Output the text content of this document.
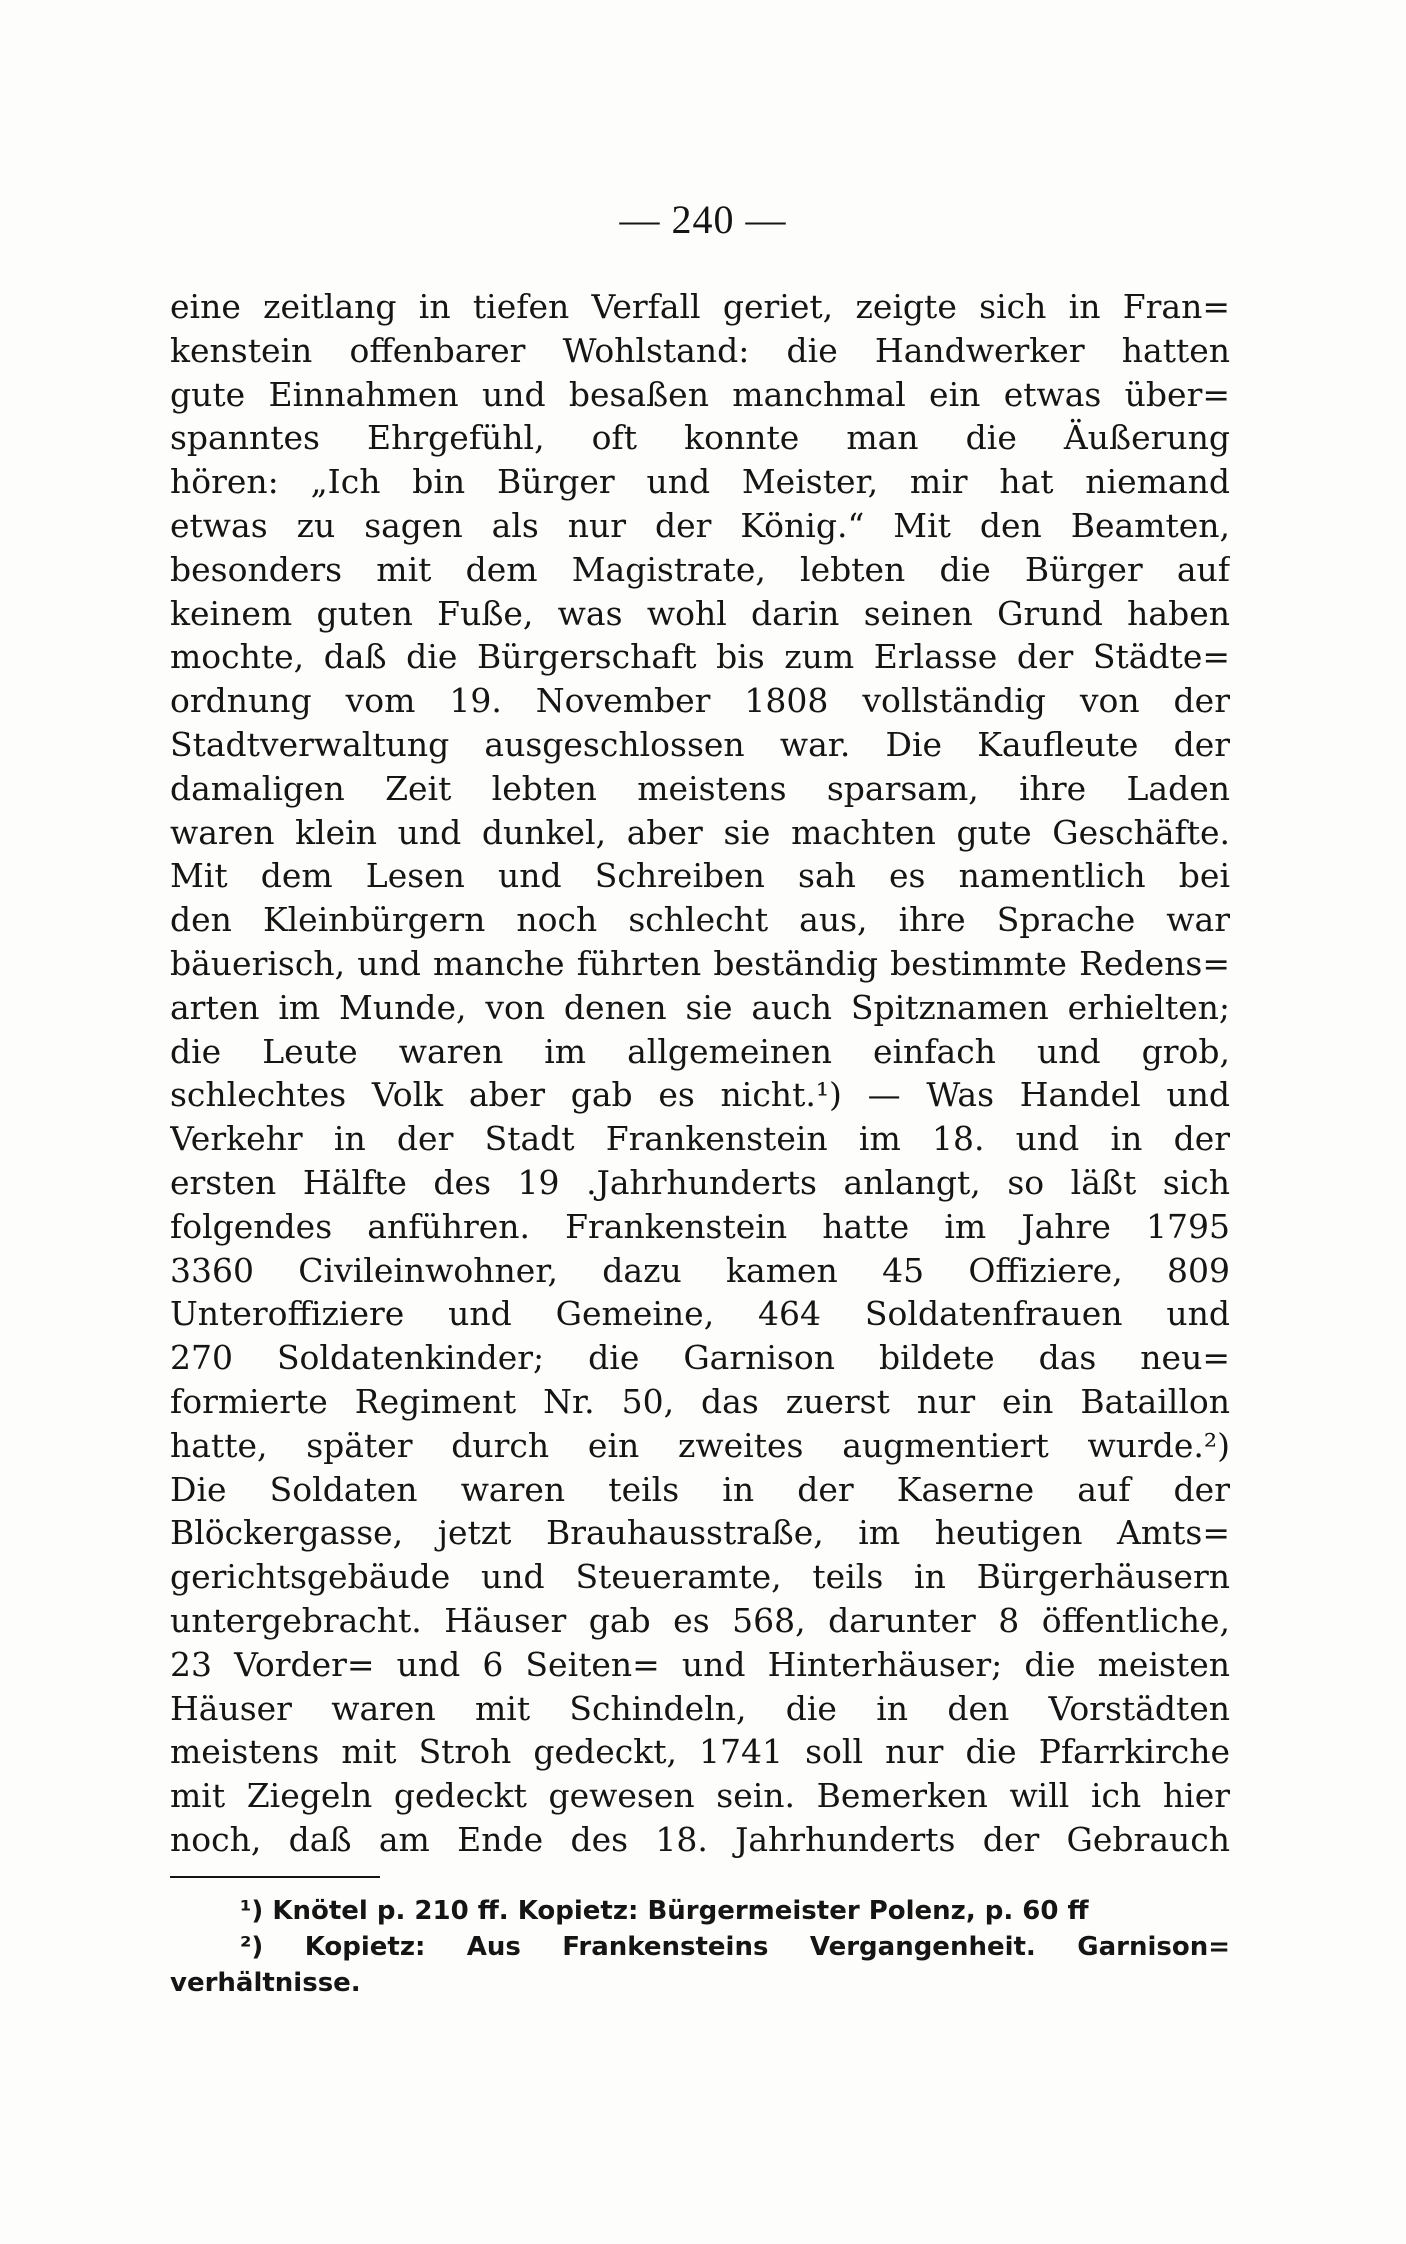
— 240 —
eine zeitlang in tiefen Verfall geriet, zeigte sich in Fran=
kenstein offenbarer Wohlstand: die Handwerker hatten
gute Einnahmen und besaßen manchmal ein etwas über=
spanntes Ehrgefühl, oft konnte man die Äußerung
hören: „Ich bin Bürger und Meister, mir hat niemand
etwas zu sagen als nur der König.“ Mit den Beamten,
besonders mit dem Magistrate, lebten die Bürger auf
keinem guten Fuße, was wohl darin seinen Grund haben
mochte, daß die Bürgerschaft bis zum Erlasse der Städte=
ordnung vom 19. November 1808 vollständig von der
Stadtverwaltung ausgeschlossen war. Die Kaufleute der
damaligen Zeit lebten meistens sparsam, ihre Laden
waren klein und dunkel, aber sie machten gute Geschäfte.
Mit dem Lesen und Schreiben sah es namentlich bei
den Kleinbürgern noch schlecht aus, ihre Sprache war
bäuerisch, und manche führten beständig bestimmte Redens=
arten im Munde, von denen sie auch Spitznamen erhielten;
die Leute waren im allgemeinen einfach und grob,
schlechtes Volk aber gab es nicht.¹) — Was Handel und
Verkehr in der Stadt Frankenstein im 18. und in der
ersten Hälfte des 19 .Jahrhunderts anlangt, so läßt sich
folgendes anführen. Frankenstein hatte im Jahre 1795
3360 Civileinwohner, dazu kamen 45 Offiziere, 809
Unteroffiziere und Gemeine, 464 Soldatenfrauen und
270 Soldatenkinder; die Garnison bildete das neu=
formierte Regiment Nr. 50, das zuerst nur ein Bataillon
hatte, später durch ein zweites augmentiert wurde.²)
Die Soldaten waren teils in der Kaserne auf der
Blöckergasse, jetzt Brauhausstraße, im heutigen Amts=
gerichtsgebäude und Steueramte, teils in Bürgerhäusern
untergebracht. Häuser gab es 568, darunter 8 öffentliche,
23 Vorder= und 6 Seiten= und Hinterhäuser; die meisten
Häuser waren mit Schindeln, die in den Vorstädten
meistens mit Stroh gedeckt, 1741 soll nur die Pfarrkirche
mit Ziegeln gedeckt gewesen sein. Bemerken will ich hier
noch, daß am Ende des 18. Jahrhunderts der Gebrauch
¹) Knötel p. 210 ff. Kopietz: Bürgermeister Polenz, p. 60 ff
²) Kopietz: Aus Frankensteins Vergangenheit. Garnison=
verhältnisse.
